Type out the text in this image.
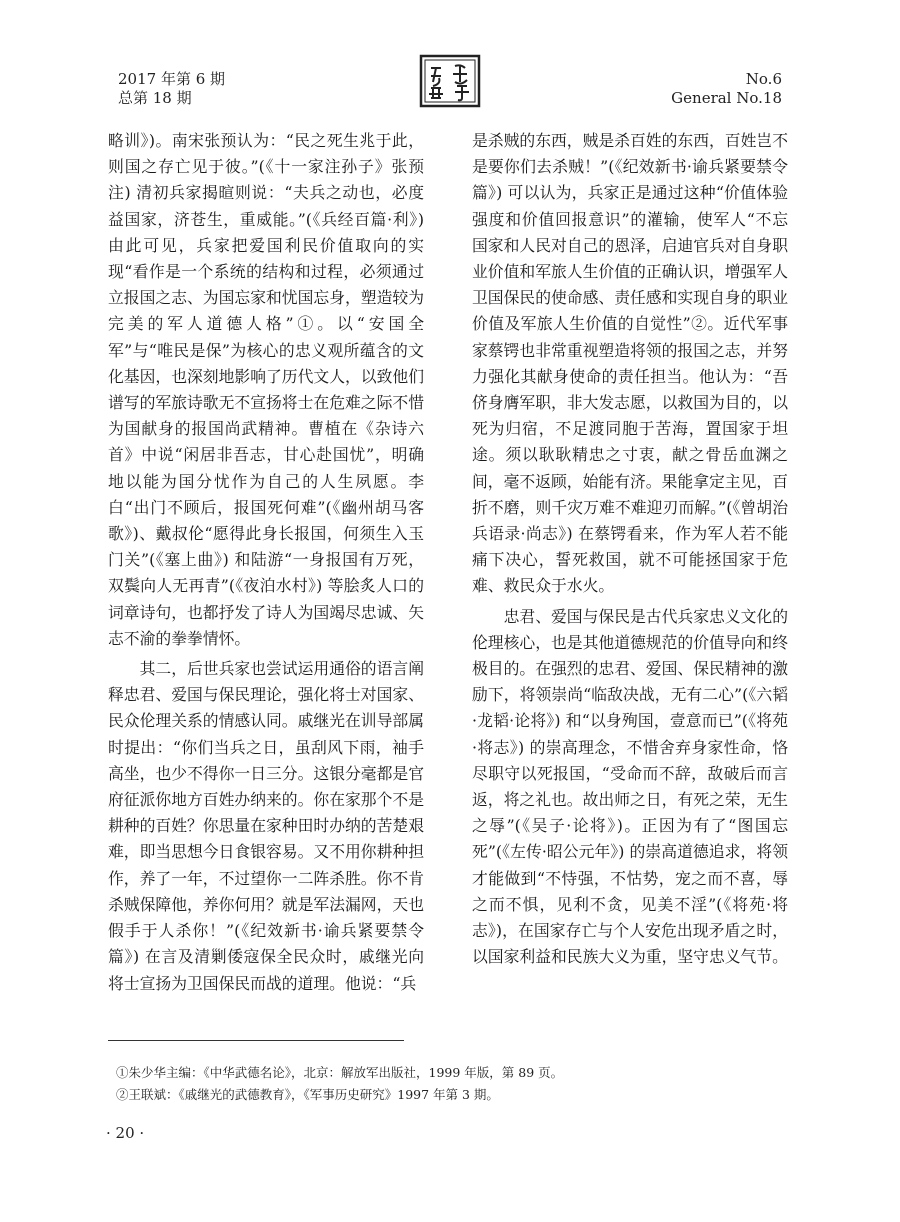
2017 年第 6 期
总第 18 期
No.6
General No.18

略训》)。南宋张预认为：“民之死生兆于此，则国之存亡见于彼。”(《十一家注孙子》张预注) 清初兵家揭暄则说：“夫兵之动也，必度益国家，济苍生，重威能。”(《兵经百篇·利》) 由此可见，兵家把爱国利民价值取向的实现“看作是一个系统的结构和过程，必须通过立报国之志、为国忘家和忧国忘身，塑造较为完美的军人道德人格”①。以“安国全军”与“唯民是保”为核心的忠义观所蕴含的文化基因，也深刻地影响了历代文人，以致他们谱写的军旅诗歌无不宣扬将士在危难之际不惜为国献身的报国尚武精神。曹植在《杂诗六首》中说“闲居非吾志，甘心赴国忧”，明确地以能为国分忧作为自己的人生夙愿。李白“出门不顾后，报国死何难”(《幽州胡马客歌》)、戴叔伦“愿得此身长报国，何须生入玉门关”(《塞上曲》) 和陆游“一身报国有万死，双鬓向人无再青”(《夜泊水村》) 等脍炙人口的词章诗句，也都抒发了诗人为国竭尽忠诚、矢志不渝的拳拳情怀。

其二，后世兵家也尝试运用通俗的语言阐释忠君、爱国与保民理论，强化将士对国家、民众伦理关系的情感认同。戚继光在训导部属时提出：“你们当兵之日，虽刮风下雨，袖手高坐，也少不得你一日三分。这银分毫都是官府征派你地方百姓办纳来的。你在家那个不是耕种的百姓？你思量在家种田时办纳的苦楚艰难，即当思想今日食银容易。又不用你耕种担作，养了一年，不过望你一二阵杀胜。你不肯杀贼保障他，养你何用？就是军法漏网，天也假手于人杀你！”(《纪效新书·谕兵紧要禁令篇》) 在言及清剿倭寇保全民众时，戚继光向将士宣扬为卫国保民而战的道理。他说：“兵

是杀贼的东西，贼是杀百姓的东西，百姓岂不是要你们去杀贼！”(《纪效新书·谕兵紧要禁令篇》) 可以认为，兵家正是通过这种“价值体验强度和价值回报意识”的灌输，使军人“不忘国家和人民对自己的恩泽，启迪官兵对自身职业价值和军旅人生价值的正确认识，增强军人卫国保民的使命感、责任感和实现自身的职业价值及军旅人生价值的自觉性”②。近代军事家蔡锷也非常重视塑造将领的报国之志，并努力强化其献身使命的责任担当。他认为：“吾侪身膺军职，非大发志愿，以救国为目的，以死为归宿，不足渡同胞于苦海，置国家于坦途。须以耿耿精忠之寸衷，献之骨岳血渊之间，毫不返顾，始能有济。果能拿定主见，百折不磨，则千灾万难不难迎刃而解。”(《曾胡治兵语录·尚志》) 在蔡锷看来，作为军人若不能痛下决心，誓死救国，就不可能拯国家于危难、救民众于水火。

忠君、爱国与保民是古代兵家忠义文化的伦理核心，也是其他道德规范的价值导向和终极目的。在强烈的忠君、爱国、保民精神的激励下，将领崇尚“临敌决战，无有二心”(《六韬·龙韬·论将》) 和“以身殉国，壹意而已”(《将苑·将志》) 的崇高理念，不惜舍弃身家性命，恪尽职守以死报国，“受命而不辞，敌破后而言返，将之礼也。故出师之日，有死之荣，无生之辱”(《吴子·论将》)。正因为有了“图国忘死”(《左传·昭公元年》) 的崇高道德追求，将领才能做到“不恃强，不怙势，宠之而不喜，辱之而不惧，见利不贪，见美不淫”(《将苑·将志》)，在国家存亡与个人安危出现矛盾之时，以国家利益和民族大义为重，坚守忠义气节。

①朱少华主编：《中华武德名论》，北京：解放军出版社，1999 年版，第 89 页。
②王联斌：《戚继光的武德教育》，《军事历史研究》1997 年第 3 期。
· 20 ·
